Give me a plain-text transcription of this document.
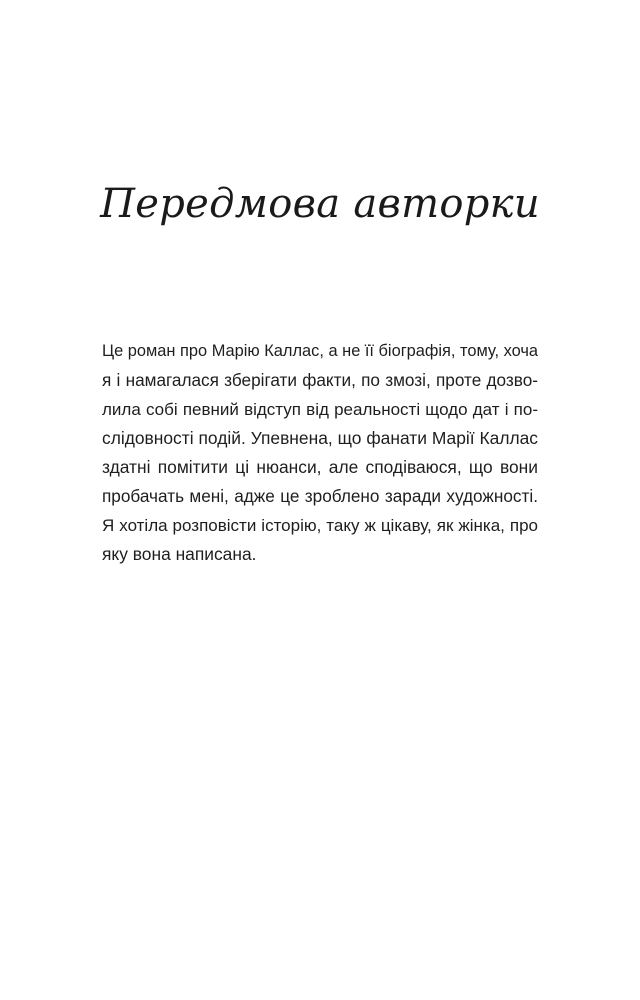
Передмова авторки
Це роман про Марію Каллас, а не її біографія, тому, хоча
я і намагалася зберігати факти, по змозі, проте дозво-
лила собі певний відступ від реальності щодо дат і по-
слідовності подій. Упевнена, що фанати Марії Каллас
здатні помітити ці нюанси, але сподіваюся, що вони
пробачать мені, адже це зроблено заради художності.
Я хотіла розповісти історію, таку ж цікаву, як жінка, про
яку вона написана.
